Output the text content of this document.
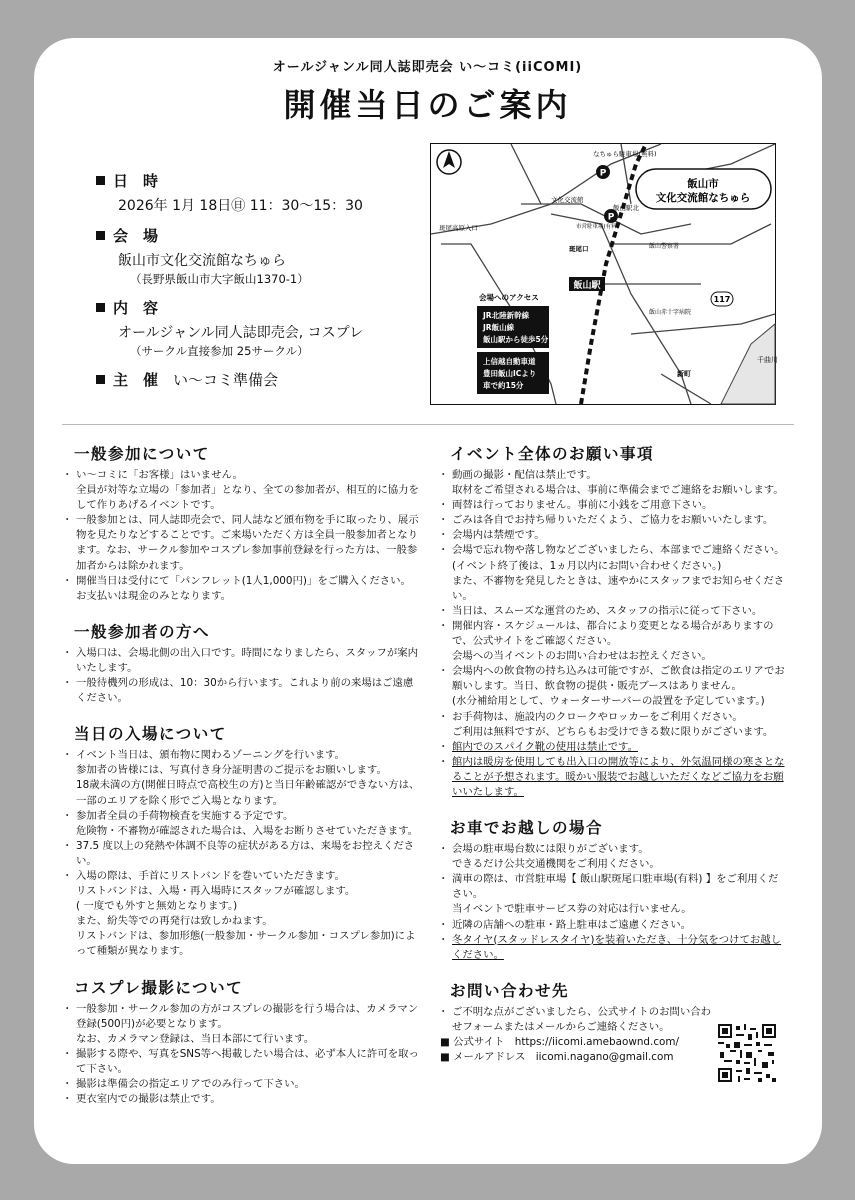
オールジャンル同人誌即売会 い〜コミ(iiCOMI)
開催当日のご案内
日　時
2026年 1月 18日㊐ 11：30〜15：30
会　場
飯山市文化交流館なちゅら
（長野県飯山市大字飯山1370-1）
内　容
オールジャンル同人誌即売会, コスプレ
（サークル直接参加 25サークル）
主　催　 い〜コミ準備会
飯山市
文化交流館なちゅら
P
P
なちゅら駐車場(無料)
文化交流館
飯山駅北
斑尾高原入口
斑尾口
飯山駅
飯山警察署
飯山赤十字病院
市営駐車場(有料)
117
新町
千曲川
会場へのアクセス
JR北陸新幹線
JR飯山線
飯山駅から徒歩5分
上信越自動車道
豊田飯山ICより
車で約15分
一般参加について
・ い〜コミに「お客様」はいません。
全員が対等な立場の「参加者」となり、全ての参加者が、相互的に協力をして作りあげるイベントです。
・ 一般参加とは、同人誌即売会で、同人誌など頒布物を手に取ったり、展示物を見たりなどすることです。ご来場いただく方は全員一般参加者となります。なお、サークル参加やコスプレ参加事前登録を行った方は、一般参加者からは除かれます。
・ 開催当日は受付にて「パンフレット(1人1,000円)」をご購入ください。お支払いは現金のみとなります。
一般参加者の方へ
・ 入場口は、会場北側の出入口です。時間になりましたら、スタッフが案内いたします。
・ 一般待機列の形成は、10：30から行います。これより前の来場はご遠慮ください。
当日の入場について
・ イベント当日は、頒布物に関わるゾーニングを行います。
参加者の皆様には、写真付き身分証明書のご提示をお願いします。
18歳未満の方(開催日時点で高校生の方)と当日年齢確認ができない方は、一部のエリアを除く形でご入場となります。
・ 参加者全員の手荷物検査を実施する予定です。
危険物・不審物が確認された場合は、入場をお断りさせていただきます。
・ 37.5 度以上の発熱や体調不良等の症状がある方は、来場をお控えください。
・ 入場の際は、手首にリストバンドを巻いていただきます。
リストバンドは、入場・再入場時にスタッフが確認します。
( 一度でも外すと無効となります。)
また、紛失等での再発行は致しかねます。
リストバンドは、参加形態(一般参加・サークル参加・コスプレ参加)によって種類が異なります。
コスプレ撮影について
・ 一般参加・サークル参加の方がコスプレの撮影を行う場合は、カメラマン登録(500円)が必要となります。
なお、カメラマン登録は、当日本部にて行います。
・ 撮影する際や、写真をSNS等へ掲載したい場合は、必ず本人に許可を取って下さい。
・ 撮影は準備会の指定エリアでのみ行って下さい。
・ 更衣室内での撮影は禁止です。
イベント全体のお願い事項
・ 動画の撮影・配信は禁止です。
取材をご希望される場合は、事前に準備会までご連絡をお願いします。
・ 両替は行っておりません。事前に小銭をご用意下さい。
・ ごみは各自でお持ち帰りいただくよう、ご協力をお願いいたします。
・ 会場内は禁煙です。
・ 会場で忘れ物や落し物などございましたら、本部までご連絡ください。
(イベント終了後は、1ヵ月以内にお問い合わせください。)
また、不審物を発見したときは、速やかにスタッフまでお知らせください。
・ 当日は、スムーズな運営のため、スタッフの指示に従って下さい。
・ 開催内容・スケジュールは、都合により変更となる場合がありますので、公式サイトをご確認ください。
会場への当イベントのお問い合わせはお控えください。
・ 会場内への飲食物の持ち込みは可能ですが、ご飲食は指定のエリアでお願いします。当日、飲食物の提供・販売ブースはありません。
(水分補給用として、ウォーターサーバーの設置を予定しています。)
・ お手荷物は、施設内のクロークやロッカーをご利用ください。
ご利用は無料ですが、どちらもお受けできる数に限りがございます。
・ 館内でのスパイク靴の使用は禁止です。
・ 館内は暖房を使用しても出入口の開放等により、外気温同様の寒さとなることが予想されます。暖かい服装でお越しいただくなどご協力をお願いいたします。
お車でお越しの場合
・ 会場の駐車場台数には限りがございます。
できるだけ公共交通機関をご利用ください。
・ 満車の際は、市営駐車場【 飯山駅斑尾口駐車場(有料) 】をご利用ください。
当イベントで駐車サービス券の対応は行いません。
・ 近隣の店舗への駐車・路上駐車はご遠慮ください。
・ 冬タイヤ(スタッドレスタイヤ)を装着いただき、十分気をつけてお越しください。
お問い合わせ先
・ ご不明な点がございましたら、公式サイトのお問い合わせフォームまたはメールからご連絡ください。
■ 公式サイト　 https://iicomi.amebaownd.com/
■ メールアドレス　 iicomi.nagano@gmail.com
